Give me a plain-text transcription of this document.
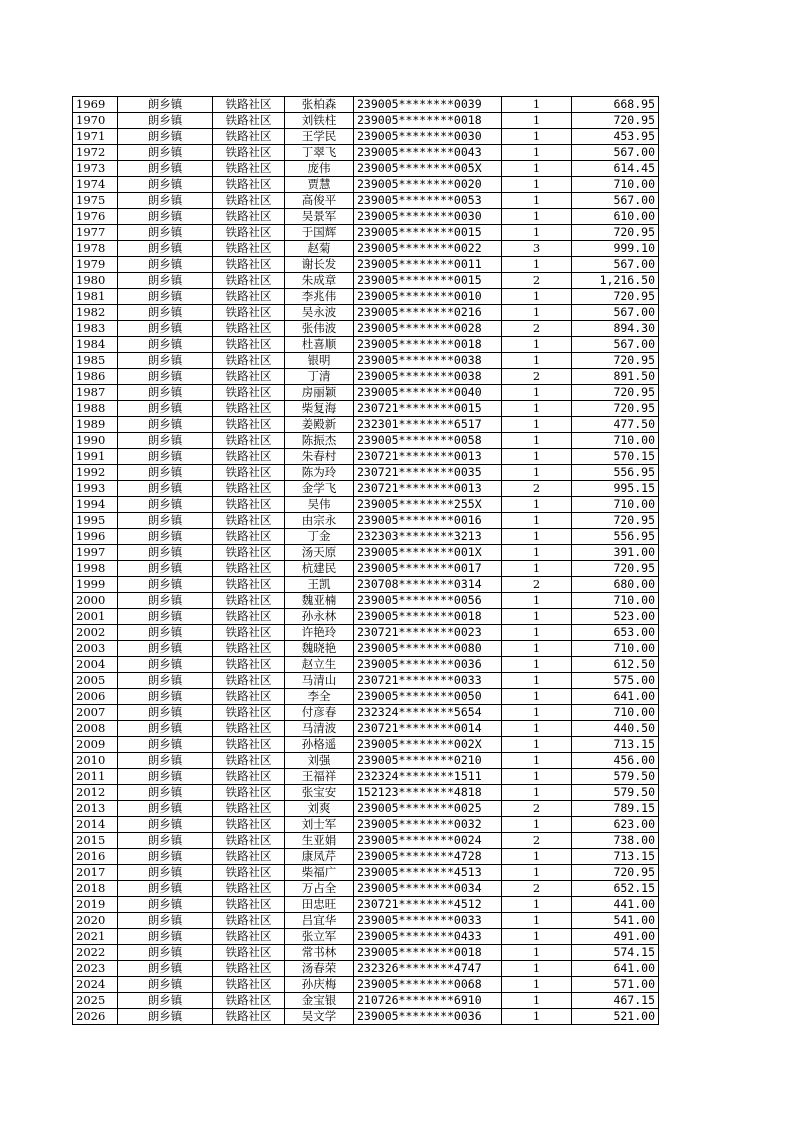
1969	朗乡镇	铁路社区	张柏森	239005********0039	1	668.95
1970	朗乡镇	铁路社区	刘铁柱	239005********0018	1	720.95
1971	朗乡镇	铁路社区	王学民	239005********0030	1	453.95
1972	朗乡镇	铁路社区	丁翠飞	239005********0043	1	567.00
1973	朗乡镇	铁路社区	庞伟	239005********005X	1	614.45
1974	朗乡镇	铁路社区	贾慧	239005********0020	1	710.00
1975	朗乡镇	铁路社区	高俊平	239005********0053	1	567.00
1976	朗乡镇	铁路社区	吴景军	239005********0030	1	610.00
1977	朗乡镇	铁路社区	于国辉	239005********0015	1	720.95
1978	朗乡镇	铁路社区	赵菊	239005********0022	3	999.10
1979	朗乡镇	铁路社区	谢长发	239005********0011	1	567.00
1980	朗乡镇	铁路社区	朱成章	239005********0015	2	1,216.50
1981	朗乡镇	铁路社区	李兆伟	239005********0010	1	720.95
1982	朗乡镇	铁路社区	吴永波	239005********0216	1	567.00
1983	朗乡镇	铁路社区	张伟波	239005********0028	2	894.30
1984	朗乡镇	铁路社区	杜喜顺	239005********0018	1	567.00
1985	朗乡镇	铁路社区	银明	239005********0038	1	720.95
1986	朗乡镇	铁路社区	丁清	239005********0038	2	891.50
1987	朗乡镇	铁路社区	房丽颖	239005********0040	1	720.95
1988	朗乡镇	铁路社区	柴复海	230721********0015	1	720.95
1989	朗乡镇	铁路社区	姜殿新	232301********6517	1	477.50
1990	朗乡镇	铁路社区	陈振杰	239005********0058	1	710.00
1991	朗乡镇	铁路社区	朱春村	230721********0013	1	570.15
1992	朗乡镇	铁路社区	陈为玲	230721********0035	1	556.95
1993	朗乡镇	铁路社区	金学飞	230721********0013	2	995.15
1994	朗乡镇	铁路社区	吴伟	239005********255X	1	710.00
1995	朗乡镇	铁路社区	由宗永	239005********0016	1	720.95
1996	朗乡镇	铁路社区	丁金	232303********3213	1	556.95
1997	朗乡镇	铁路社区	汤天原	239005********001X	1	391.00
1998	朗乡镇	铁路社区	杭建民	239005********0017	1	720.95
1999	朗乡镇	铁路社区	王凯	230708********0314	2	680.00
2000	朗乡镇	铁路社区	魏亚楠	239005********0056	1	710.00
2001	朗乡镇	铁路社区	孙永林	239005********0018	1	523.00
2002	朗乡镇	铁路社区	许艳玲	230721********0023	1	653.00
2003	朗乡镇	铁路社区	魏晓艳	239005********0080	1	710.00
2004	朗乡镇	铁路社区	赵立生	239005********0036	1	612.50
2005	朗乡镇	铁路社区	马清山	230721********0033	1	575.00
2006	朗乡镇	铁路社区	李全	239005********0050	1	641.00
2007	朗乡镇	铁路社区	付彦春	232324********5654	1	710.00
2008	朗乡镇	铁路社区	马清波	230721********0014	1	440.50
2009	朗乡镇	铁路社区	孙格遥	239005********002X	1	713.15
2010	朗乡镇	铁路社区	刘强	239005********0210	1	456.00
2011	朗乡镇	铁路社区	王福祥	232324********1511	1	579.50
2012	朗乡镇	铁路社区	张宝安	152123********4818	1	579.50
2013	朗乡镇	铁路社区	刘爽	239005********0025	2	789.15
2014	朗乡镇	铁路社区	刘士军	239005********0032	1	623.00
2015	朗乡镇	铁路社区	生亚娟	239005********0024	2	738.00
2016	朗乡镇	铁路社区	康凤芹	239005********4728	1	713.15
2017	朗乡镇	铁路社区	柴福广	239005********4513	1	720.95
2018	朗乡镇	铁路社区	万占全	239005********0034	2	652.15
2019	朗乡镇	铁路社区	田忠旺	230721********4512	1	441.00
2020	朗乡镇	铁路社区	吕宜华	239005********0033	1	541.00
2021	朗乡镇	铁路社区	张立军	239005********0433	1	491.00
2022	朗乡镇	铁路社区	常书林	239005********0018	1	574.15
2023	朗乡镇	铁路社区	汤春荣	232326********4747	1	641.00
2024	朗乡镇	铁路社区	孙庆梅	239005********0068	1	571.00
2025	朗乡镇	铁路社区	金宝银	210726********6910	1	467.15
2026	朗乡镇	铁路社区	吴文学	239005********0036	1	521.00
